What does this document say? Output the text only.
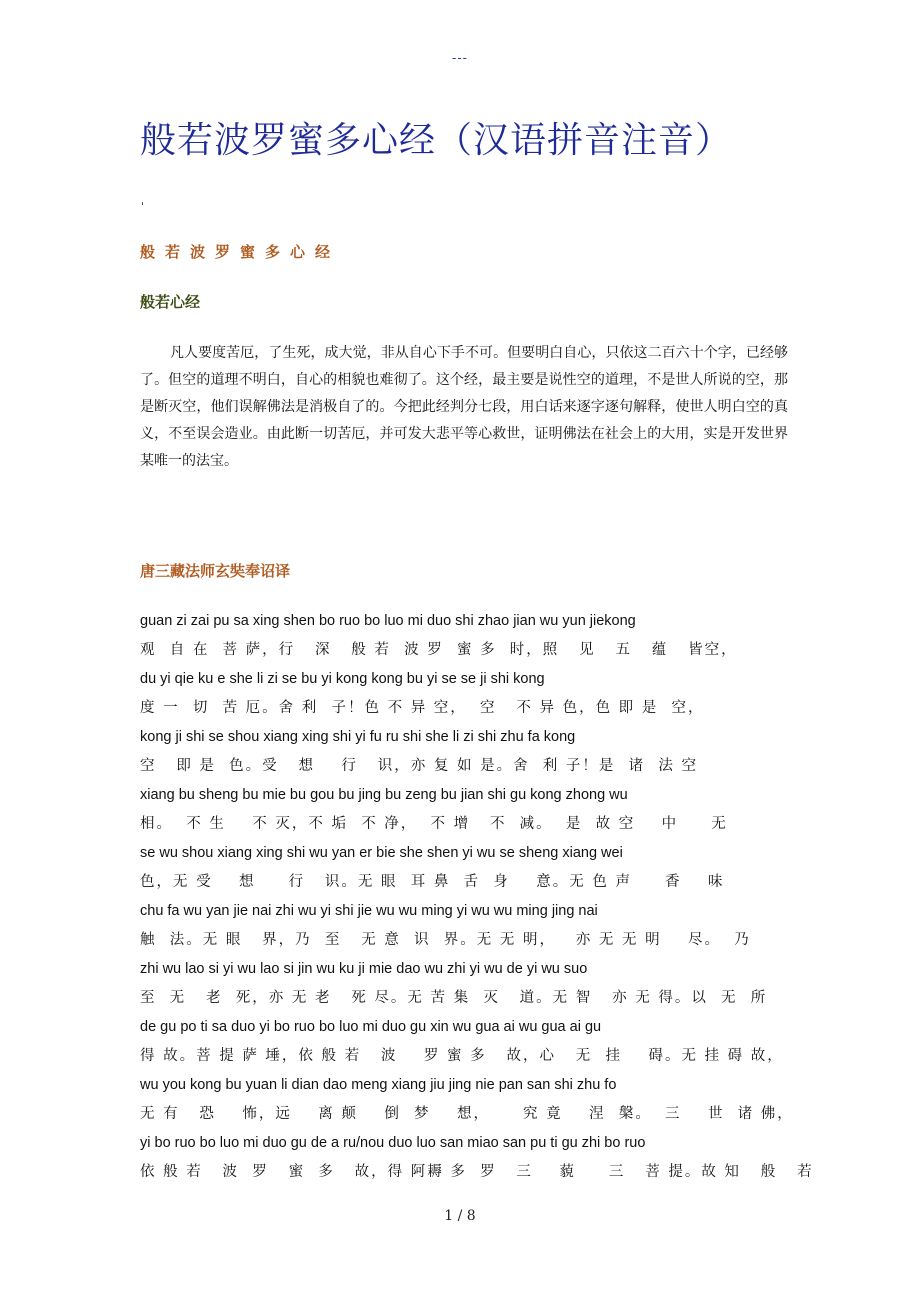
---
般若波罗蜜多心经（汉语拼音注音）
'
般若波罗蜜多心经
般若心经
凡人要度苦厄，了生死，成大觉，非从自心下手不可。但要明白自心，只依这二百六十个字，已经够了。但空的道理不明白，自心的相貌也难彻了。这个经，最主要是说性空的道理，不是世人所说的空，那是断灭空，他们误解佛法是消极自了的。今把此经判分七段，用白话来逐字逐句解释，使世人明白空的真义，不至误会造业。由此断一切苦厄，并可发大悲平等心救世，证明佛法在社会上的大用，实是开发世界某唯一的法宝。
唐三藏法师玄奘奉诏译
guan zi zai pu sa xing shen bo ruo bo luo mi duo shi zhao jian wu yun jiekong
观  自 在  菩 萨，行   深   般 若  波 罗  蜜 多  时，照   见   五   蕴   皆空，
du yi qie ku e she li zi se bu yi kong kong bu yi se se ji shi kong
度 一  切  苦 厄。舍 利  子！色 不 异 空，  空   不 异 色，色 即 是  空，
kong ji shi se shou xiang xing shi yi fu ru shi she li zi shi zhu fa kong
空   即 是  色。受   想    行   识，亦 复 如 是。舍  利 子！是  诸  法 空
xiang bu sheng bu mie bu gou bu jing bu zeng bu jian shi gu kong zhong wu
相。  不 生    不 灭，不 垢  不 净，  不 增   不  减。  是  故 空    中     无
se wu shou xiang xing shi wu yan er bie she shen yi wu se sheng xiang wei
色，无 受    想     行   识。无 眼  耳 鼻  舌  身    意。无 色 声     香    味
chu fa wu yan jie nai zhi wu yi shi jie wu wu ming yi wu wu ming jing nai
触  法。无 眼   界，乃  至   无 意  识  界。无 无 明，   亦 无 无 明    尽。  乃
zhi wu lao si yi wu lao si jin wu ku ji mie dao wu zhi yi wu de yi wu suo
至  无   老  死，亦 无 老   死 尽。无 苦 集  灭   道。无 智   亦 无 得。以  无  所
de gu po ti sa duo yi bo ruo bo luo mi duo gu xin wu gua ai wu gua ai gu
得 故。菩 提 萨 埵，依 般 若   波    罗 蜜 多   故，心   无  挂    碍。无 挂 碍 故，
wu you kong bu yuan li dian dao meng xiang jiu jing nie pan san shi zhu fo
无 有   恐    怖，远    离 颠    倒  梦    想，     究 竟    涅  槃。  三    世  诸 佛，
yi bo ruo bo luo mi duo gu de a ru/nou duo luo san miao san pu ti gu zhi bo ruo
依 般 若   波  罗   蜜  多   故，得 阿耨 多  罗   三    藐     三   菩 提。故 知   般   若
1 / 8
